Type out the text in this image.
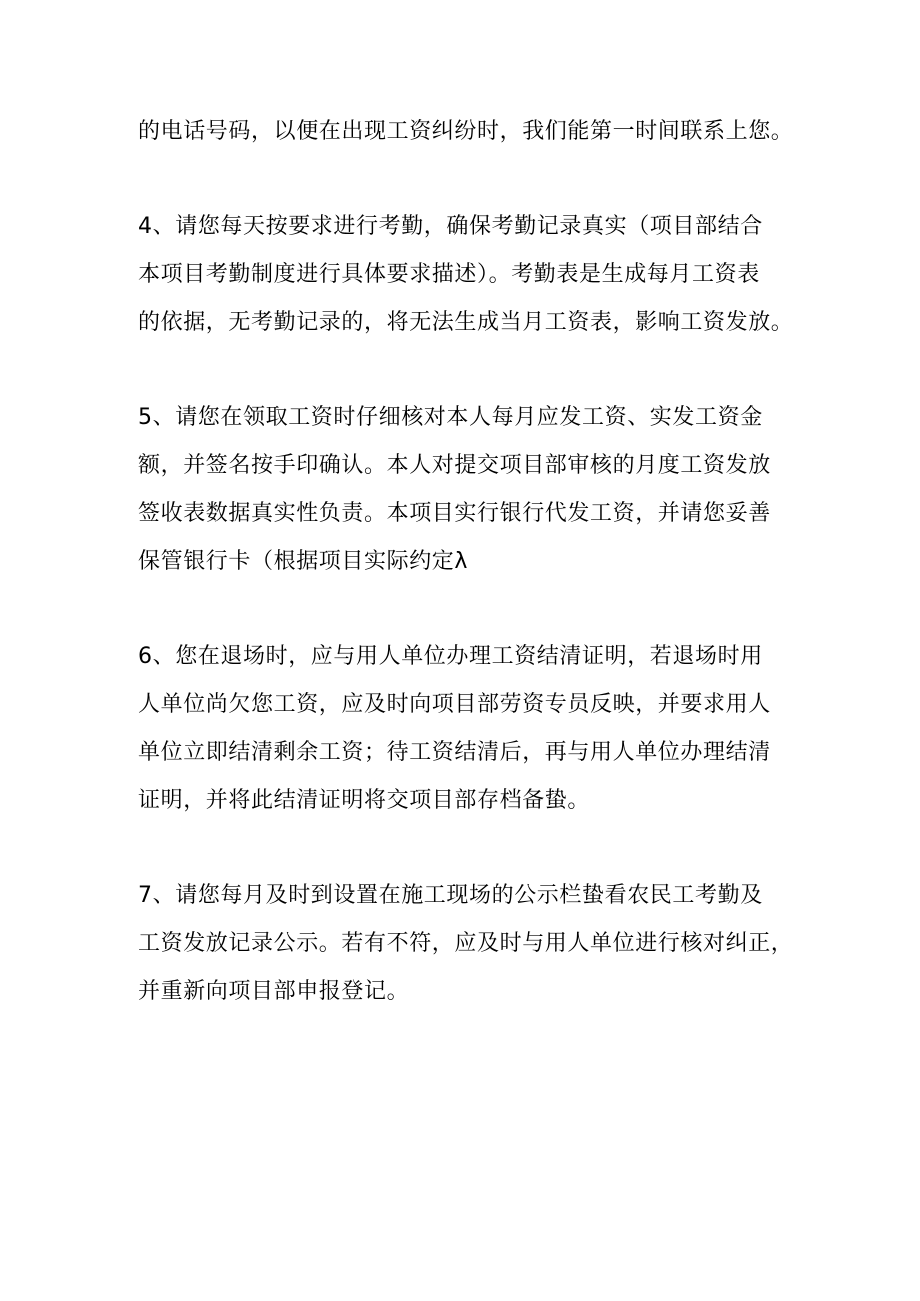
的电话号码，以便在出现工资纠纷时，我们能第一时间联系上您。
4、请您每天按要求进行考勤，确保考勤记录真实（项目部结合
本项目考勤制度进行具体要求描述）。考勤表是生成每月工资表
的依据，无考勤记录的，将无法生成当月工资表，影响工资发放。
5、请您在领取工资时仔细核对本人每月应发工资、实发工资金
额，并签名按手印确认。本人对提交项目部审核的月度工资发放
签收表数据真实性负责。本项目实行银行代发工资，并请您妥善
保管银行卡（根据项目实际约定λ
6、您在退场时，应与用人单位办理工资结清证明，若退场时用
人单位尚欠您工资，应及时向项目部劳资专员反映，并要求用人
单位立即结清剩余工资；待工资结清后，再与用人单位办理结清
证明，并将此结清证明将交项目部存档备蛰。
7、请您每月及时到设置在施工现场的公示栏蛰看农民工考勤及
工资发放记录公示。若有不符，应及时与用人单位进行核对纠正，
并重新向项目部申报登记。
